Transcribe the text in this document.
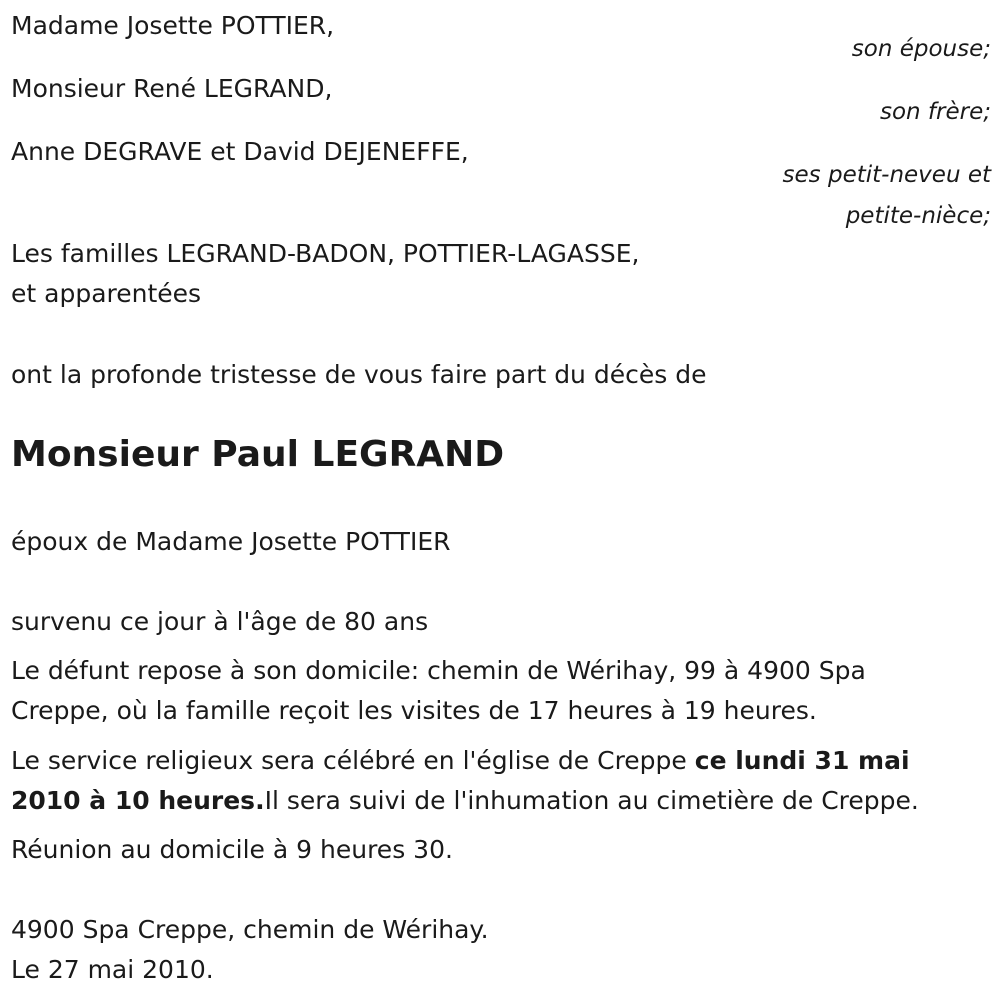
Madame Josette POTTIER,
son épouse;
Monsieur René LEGRAND,
son frère;
Anne DEGRAVE et David DEJENEFFE,
ses petit-neveu et
petite-nièce;
Les familles LEGRAND-BADON, POTTIER-LAGASSE,
et apparentées
ont la profonde tristesse de vous faire part du décès de
Monsieur Paul LEGRAND
époux de Madame Josette POTTIER
survenu ce jour à l'âge de 80 ans
Le défunt repose à son domicile: chemin de Wérihay, 99 à 4900 Spa
Creppe, où la famille reçoit les visites de 17 heures à 19 heures.
Le service religieux sera célébré en l'église de Creppe ce lundi 31 mai
2010 à 10 heures.Il sera suivi de l'inhumation au cimetière de Creppe.
Réunion au domicile à 9 heures 30.
4900 Spa Creppe, chemin de Wérihay.
Le 27 mai 2010.
